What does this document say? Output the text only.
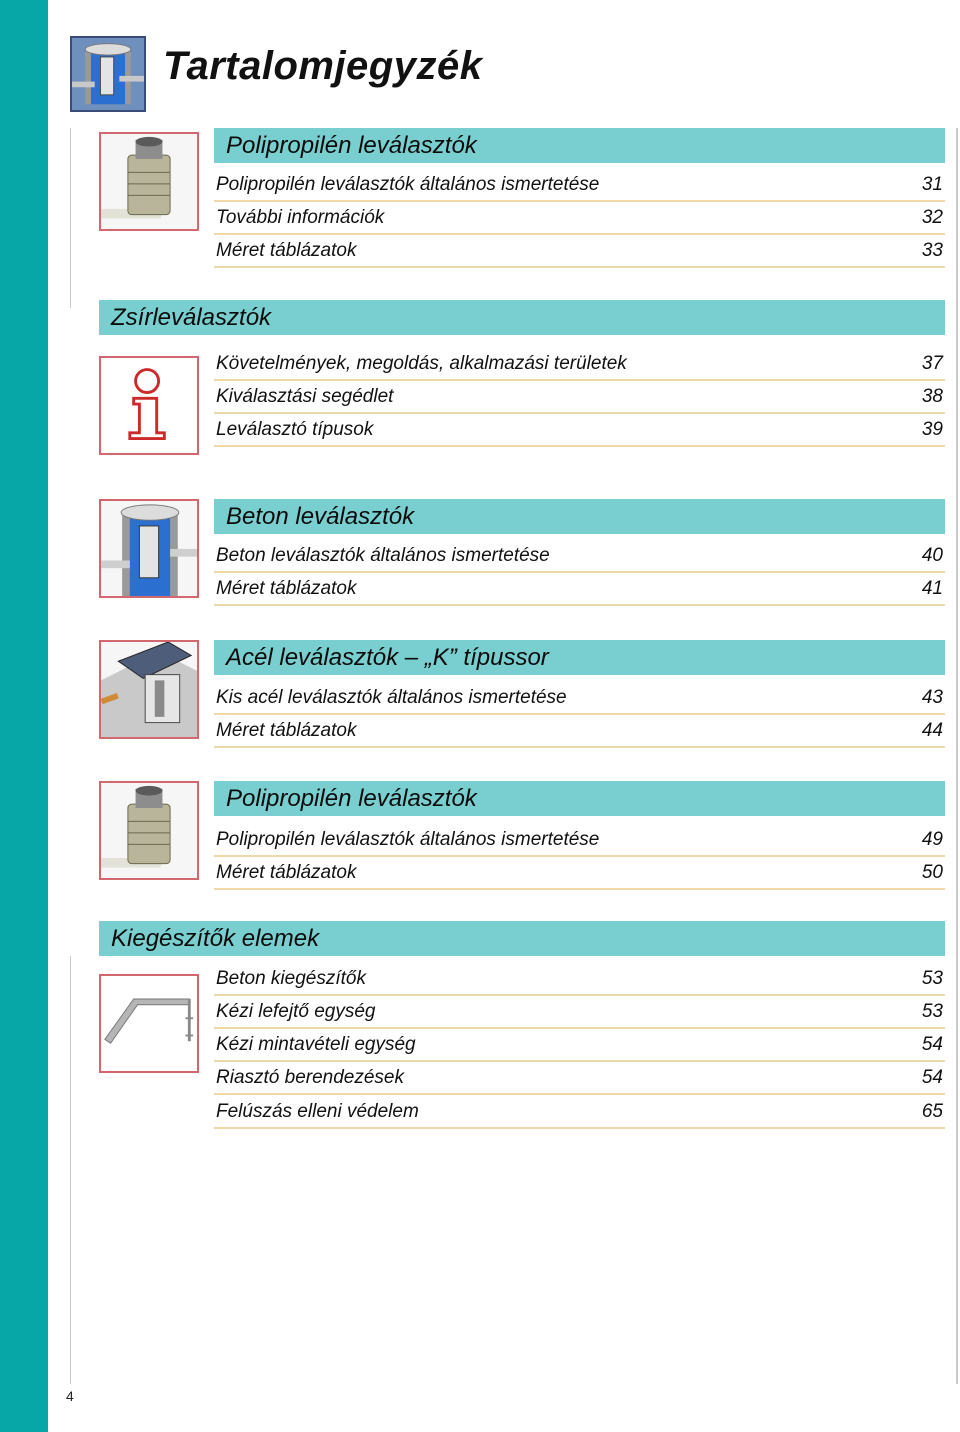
Tartalomjegyzék
Polipropilén leválasztók
Polipropilén leválasztók általános ismertetése	31
További információk	32
Méret táblázatok	33
Zsírleválasztók
Követelmények, megoldás, alkalmazási területek	37
Kiválasztási segédlet	38
Leválasztó típusok	39
Beton leválasztók
Beton leválasztók általános ismertetése	40
Méret táblázatok	41
Acél leválasztók – „K” típussor
Kis acél leválasztók általános ismertetése	43
Méret táblázatok	44
Polipropilén leválasztók
Polipropilén leválasztók általános ismertetése	49
Méret táblázatok	50
Kiegészítők elemek
Beton kiegészítők	53
Kézi lefejtő egység	53
Kézi mintavételi egység	54
Riasztó berendezések	54
Felúszás elleni védelem	65
4
